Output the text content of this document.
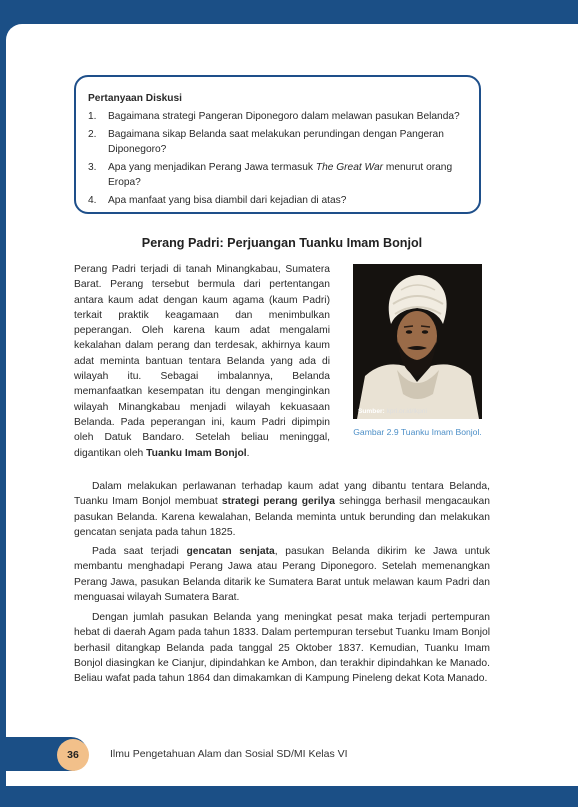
Pertanyaan Diskusi
1. Bagaimana strategi Pangeran Diponegoro dalam melawan pasukan Belanda?
2. Bagaimana sikap Belanda saat melakukan perundingan dengan Pangeran Diponegoro?
3. Apa yang menjadikan Perang Jawa termasuk The Great War menurut orang Eropa?
4. Apa manfaat yang bisa diambil dari kejadian di atas?
Perang Padri: Perjuangan Tuanku Imam Bonjol
Perang Padri terjadi di tanah Minangkabau, Sumatera Barat. Perang tersebut bermula dari pertentangan antara kaum adat dengan kaum agama (kaum Padri) terkait praktik keagamaan dan menimbulkan peperangan. Oleh karena kaum adat mengalami kekalahan dalam perang dan terdesak, akhirnya kaum adat meminta bantuan tentara Belanda yang ada di wilayah itu. Sebagai imbalannya, Belanda memanfaatkan kesempatan itu dengan menginginkan wilayah Minangkabau menjadi wilayah kekuasaan Belanda. Pada peperangan ini, kaum Padri dipimpin oleh Datuk Bandaro. Setelah beliau meninggal, digantikan oleh Tuanku Imam Bonjol.
Sumber: kpri.or.id/lkpni
Gambar 2.9 Tuanku Imam Bonjol.
Dalam melakukan perlawanan terhadap kaum adat yang dibantu tentara Belanda, Tuanku Imam Bonjol membuat strategi perang gerilya sehingga berhasil mengacaukan pasukan Belanda. Karena kewalahan, Belanda meminta untuk berunding dan melakukan gencatan senjata pada tahun 1825.
Pada saat terjadi gencatan senjata, pasukan Belanda dikirim ke Jawa untuk membantu menghadapi Perang Jawa atau Perang Diponegoro. Setelah memenangkan Perang Jawa, pasukan Belanda ditarik ke Sumatera Barat untuk melawan kaum Padri dan menguasai wilayah Sumatera Barat.
Dengan jumlah pasukan Belanda yang meningkat pesat maka terjadi pertempuran hebat di daerah Agam pada tahun 1833. Dalam pertempuran tersebut Tuanku Imam Bonjol berhasil ditangkap Belanda pada tanggal 25 Oktober 1837. Kemudian, Tuanku Imam Bonjol diasingkan ke Cianjur, dipindahkan ke Ambon, dan terakhir dipindahkan ke Manado. Beliau wafat pada tahun 1864 dan dimakamkan di Kampung Pineleng dekat Kota Manado.
36	Ilmu Pengetahuan Alam dan Sosial SD/MI Kelas VI
